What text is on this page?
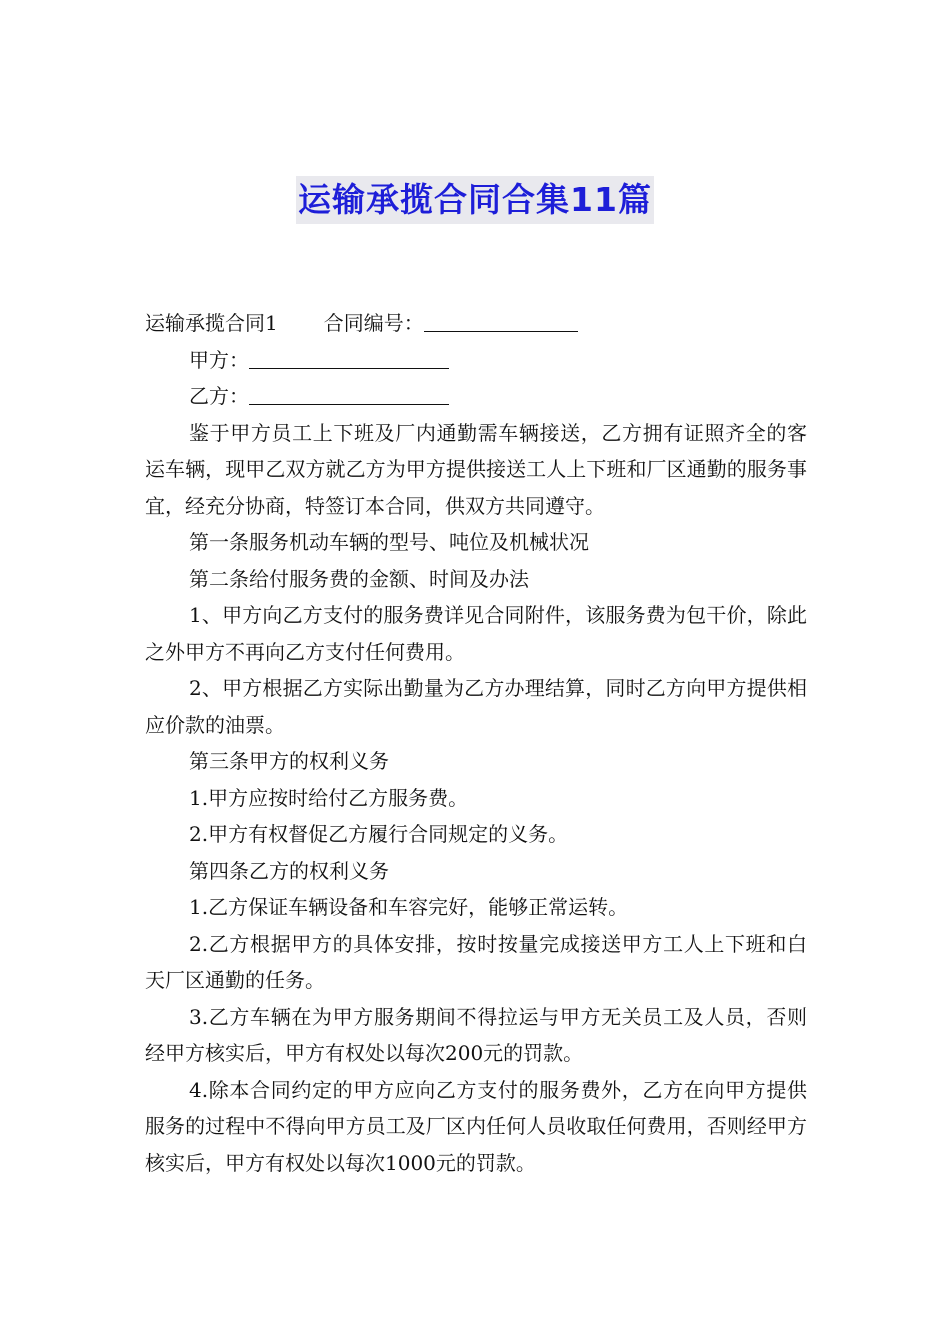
运输承揽合同合集11篇
运输承揽合同1 合同编号：
甲方：
乙方：
鉴于甲方员工上下班及厂内通勤需车辆接送，乙方拥有证照齐全的客运车辆，现甲乙双方就乙方为甲方提供接送工人上下班和厂区通勤的服务事宜，经充分协商，特签订本合同，供双方共同遵守。
第一条服务机动车辆的型号、吨位及机械状况
第二条给付服务费的金额、时间及办法
1、甲方向乙方支付的服务费详见合同附件，该服务费为包干价，除此之外甲方不再向乙方支付任何费用。
2、甲方根据乙方实际出勤量为乙方办理结算，同时乙方向甲方提供相应价款的油票。
第三条甲方的权利义务
1.甲方应按时给付乙方服务费。
2.甲方有权督促乙方履行合同规定的义务。
第四条乙方的权利义务
1.乙方保证车辆设备和车容完好，能够正常运转。
2.乙方根据甲方的具体安排，按时按量完成接送甲方工人上下班和白天厂区通勤的任务。
3.乙方车辆在为甲方服务期间不得拉运与甲方无关员工及人员，否则经甲方核实后，甲方有权处以每次200元的罚款。
4.除本合同约定的甲方应向乙方支付的服务费外，乙方在向甲方提供服务的过程中不得向甲方员工及厂区内任何人员收取任何费用，否则经甲方核实后，甲方有权处以每次1000元的罚款。
